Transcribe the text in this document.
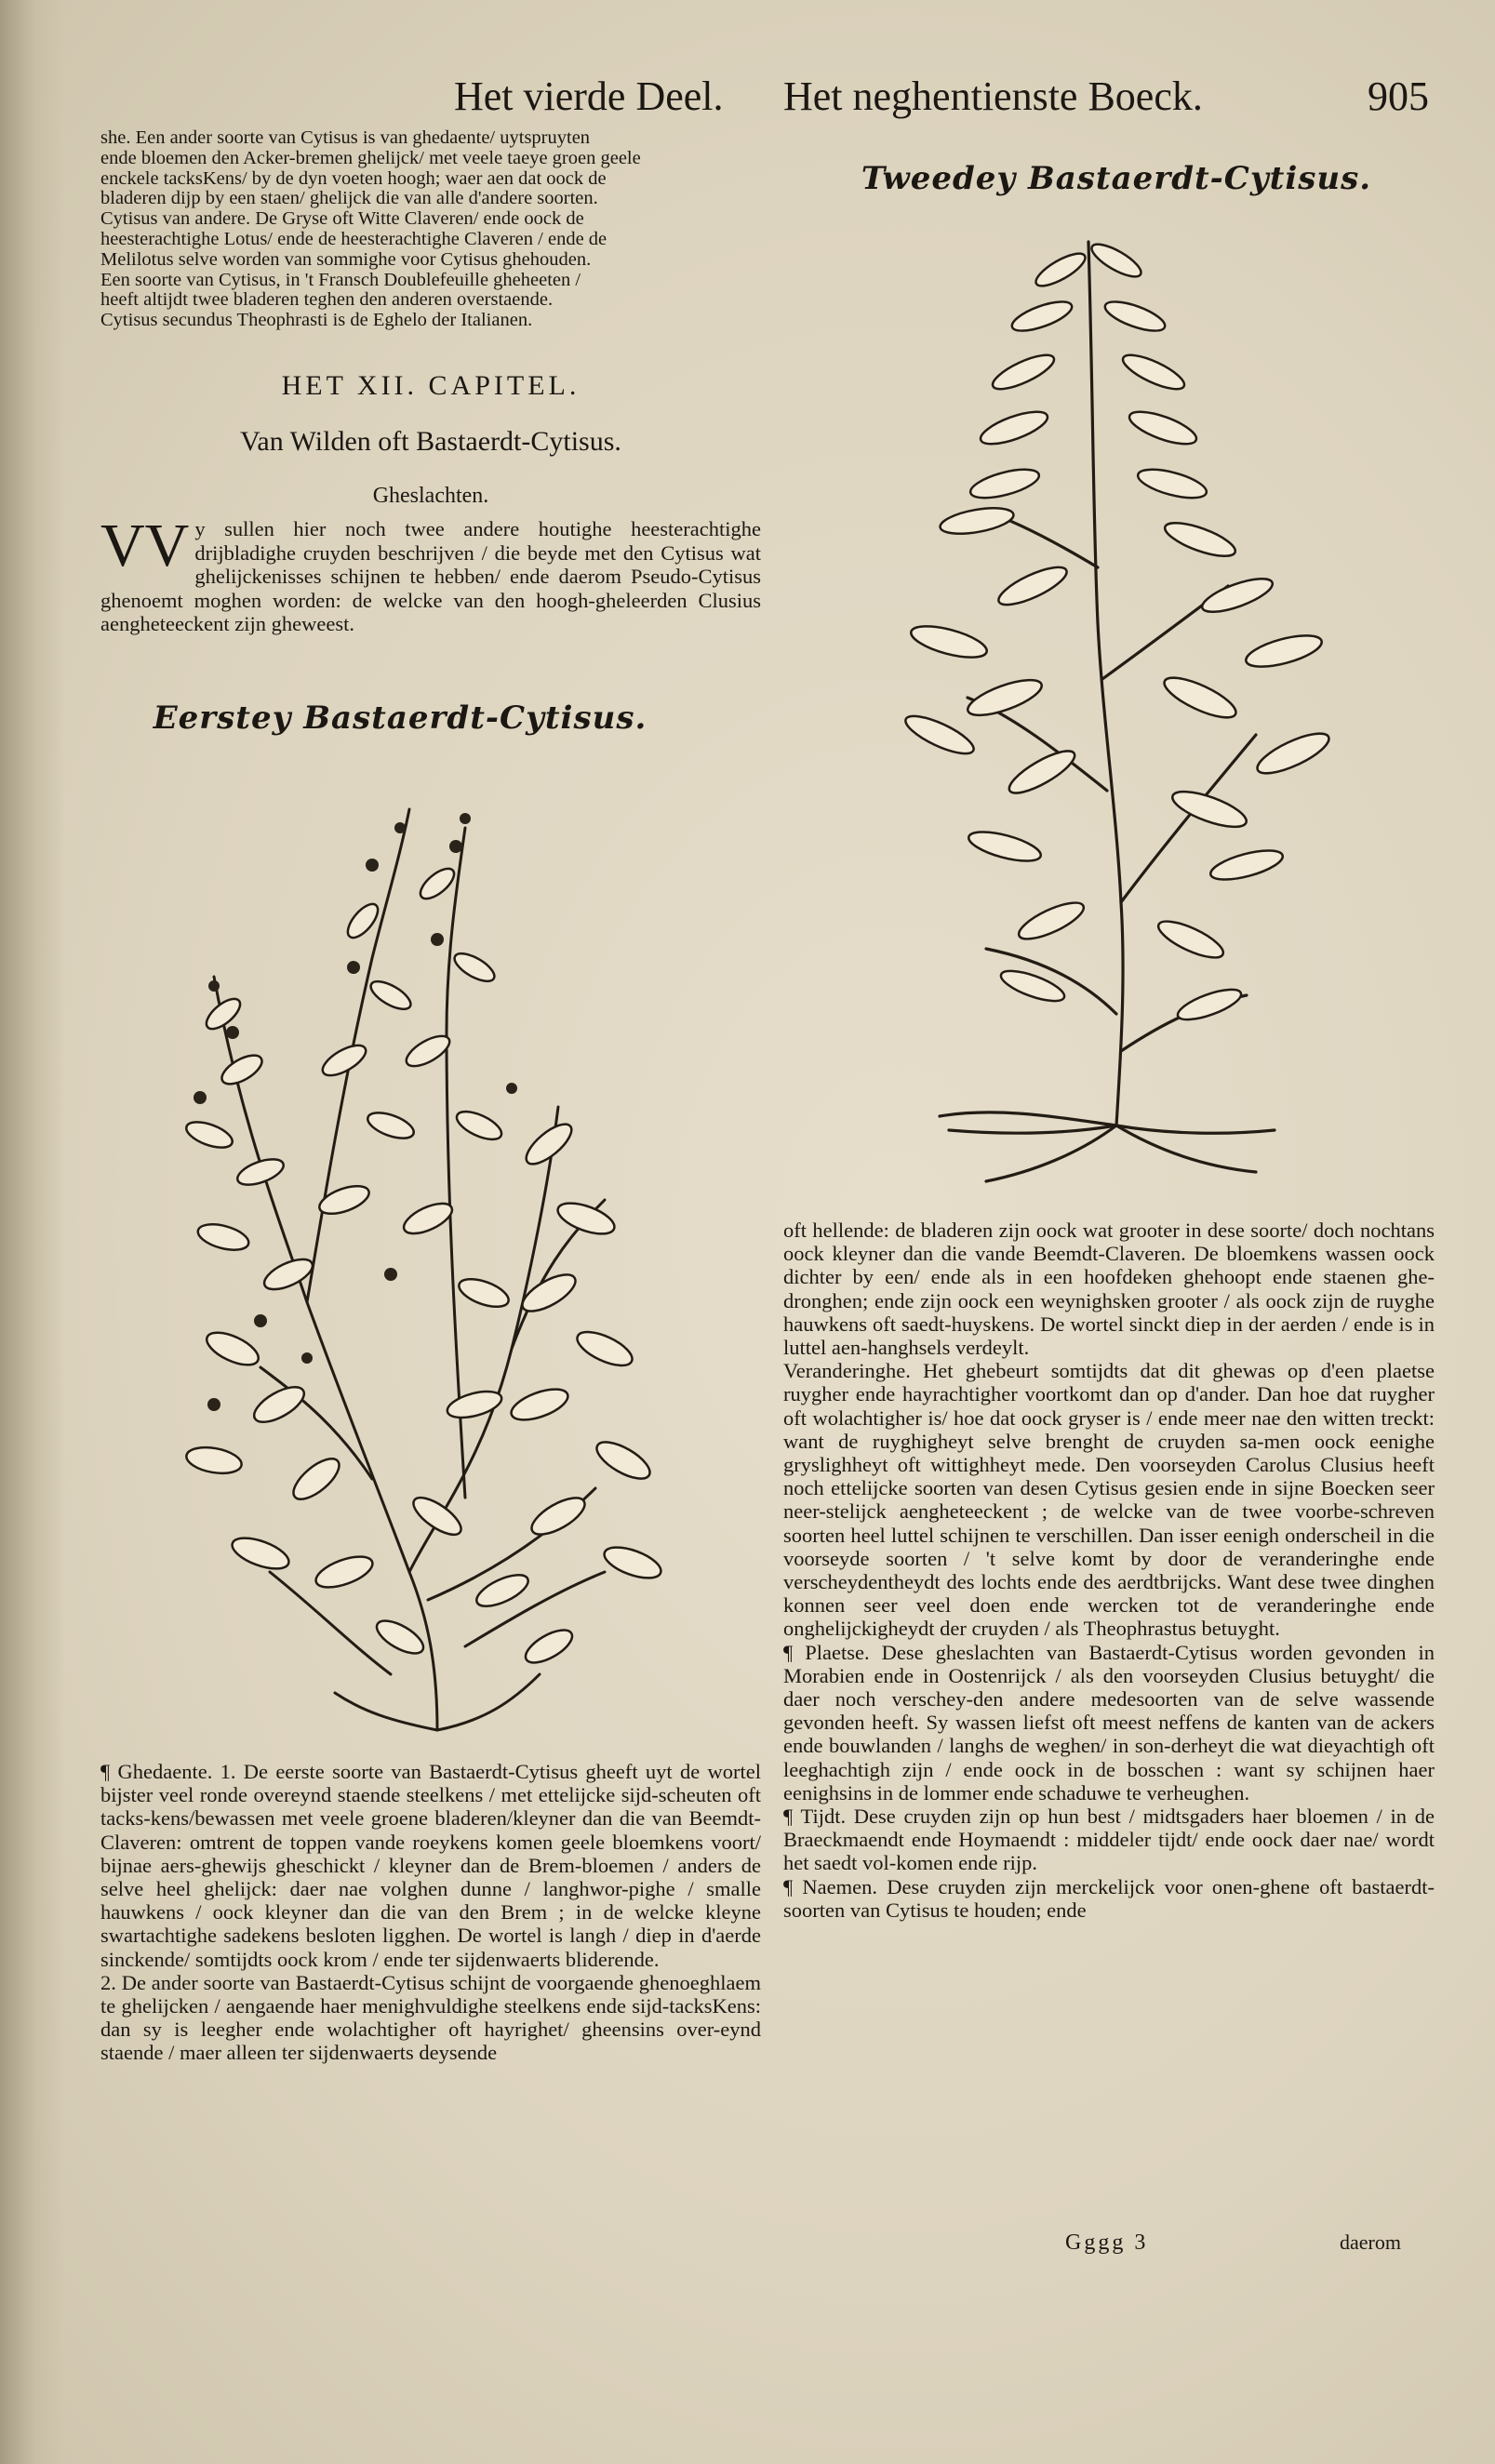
Het vierde Deel. Het neghentienste Boeck.	905

she. Een ander soorte van Cytisus is van ghedaente/ uytspruyten

ende bloemen den Acker-bremen ghelijck/ met veele taeye groen geele

enckele tacksKens/ by de dyn voeten hoogh; waer aen dat oock de

bladeren dijp by een staen/ ghelijck die van alle d'andere soorten.

Cytisus van andere. De Gryse oft Witte Claveren/ ende oock de

heesterachtighe Lotus/ ende de heesterachtighe Claveren / ende de

Melilotus selve worden van sommighe voor Cytisus ghehouden.

Een soorte van Cytisus, in 't Fransch Doublefeuille gheheeten /

heeft altijdt twee bladeren teghen den anderen overstaende.

Cytisus secundus Theophrasti is de Eghelo der Italianen.

HET XII. CAPITEL.
Van Wilden oft Bastaerdt-Cytisus.
Gheslachten.
VV y sullen hier noch twee andere houtighe heesterachtighe drijbladighe cruyden beschrijven / die beyde met den Cytisus wat ghelijckenisses schijnen te hebben/ ende daerom Pseudo-Cytisus ghenoemt moghen worden: de welcke van den hoogh-gheleerden Clusius aengheteeckent zijn gheweest.
Eerstey Bastaerdt-Cytisus.
Tweedey Bastaerdt-Cytisus.

¶ Ghedaente. 1. De eerste soorte van Bastaerdt-Cytisus gheeft uyt de wortel bijster veel ronde overeynd staende steelkens / met ettelijcke sijd-scheuten oft tacks-kens/bewassen met veele groene bladeren/kleyner dan die van Beemdt-Claveren: omtrent de toppen vande roeykens komen geele bloemkens voort/ bijnae aers-ghewijs gheschickt / kleyner dan de Brem-bloemen / anders de selve heel ghelijck: daer nae volghen dunne / langhwor-pighe / smalle hauwkens / oock kleyner dan die van den Brem ; in de welcke kleyne swartachtighe sadekens besloten ligghen. De wortel is langh / diep in d'aerde sinckende/ somtijdts oock krom / ende ter sijdenwaerts bliderende.

2. De ander soorte van Bastaerdt-Cytisus schijnt de voorgaende ghenoeghlaem te ghelijcken / aengaende haer menighvuldighe steelkens ende sijd-tacksKens: dan sy is leegher ende wolachtigher oft hayrighet/ gheensins over-eynd staende / maer alleen ter sijdenwaerts deysende

oft hellende: de bladeren zijn oock wat grooter in dese soorte/ doch nochtans oock kleyner dan die vande Beemdt-Claveren. De bloemkens wassen oock dichter by een/ ende als in een hoofdeken ghehoopt ende staenen ghe-dronghen; ende zijn oock een weynighsken grooter / als oock zijn de ruyghe hauwkens oft saedt-huyskens. De wortel sinckt diep in der aerden / ende is in luttel aen-hanghsels verdeylt.

Veranderinghe. Het ghebeurt somtijdts dat dit ghewas op d'een plaetse ruygher ende hayrachtigher voortkomt dan op d'ander. Dan hoe dat ruygher oft wolachtigher is/ hoe dat oock gryser is / ende meer nae den witten treckt: want de ruyghigheyt selve brenght de cruyden sa-men oock eenighe gryslighheyt oft wittighheyt mede. Den voorseyden Carolus Clusius heeft noch ettelijcke soorten van desen Cytisus gesien ende in sijne Boecken seer neer-stelijck aengheteeckent ; de welcke van de twee voorbe-schreven soorten heel luttel schijnen te verschillen. Dan isser eenigh onderscheil in die voorseyde soorten / 't selve komt by door de veranderinghe ende verscheydentheydt des lochts ende des aerdtbrijcks. Want dese twee dinghen konnen seer veel doen ende wercken tot de veranderinghe ende onghelijckigheydt der cruyden / als Theophrastus betuyght.

¶ Plaetse. Dese gheslachten van Bastaerdt-Cytisus worden gevonden in Morabien ende in Oostenrijck / als den voorseyden Clusius betuyght/ die daer noch verschey-den andere medesoorten van de selve wassende gevonden heeft. Sy wassen liefst oft meest neffens de kanten van de ackers ende bouwlanden / langhs de weghen/ in son-derheyt die wat dieyachtigh oft leeghachtigh zijn / ende oock in de bosschen : want sy schijnen haer eenighsins in de lommer ende schaduwe te verheughen.

¶ Tijdt. Dese cruyden zijn op hun best / midtsgaders haer bloemen / in de Braeckmaendt ende Hoymaendt : middeler tijdt/ ende oock daer nae/ wordt het saedt vol-komen ende rijp.

¶ Naemen. Dese cruyden zijn merckelijck voor onen-ghene oft bastaerdt-soorten van Cytisus te houden; ende

Gggg 3	daerom
